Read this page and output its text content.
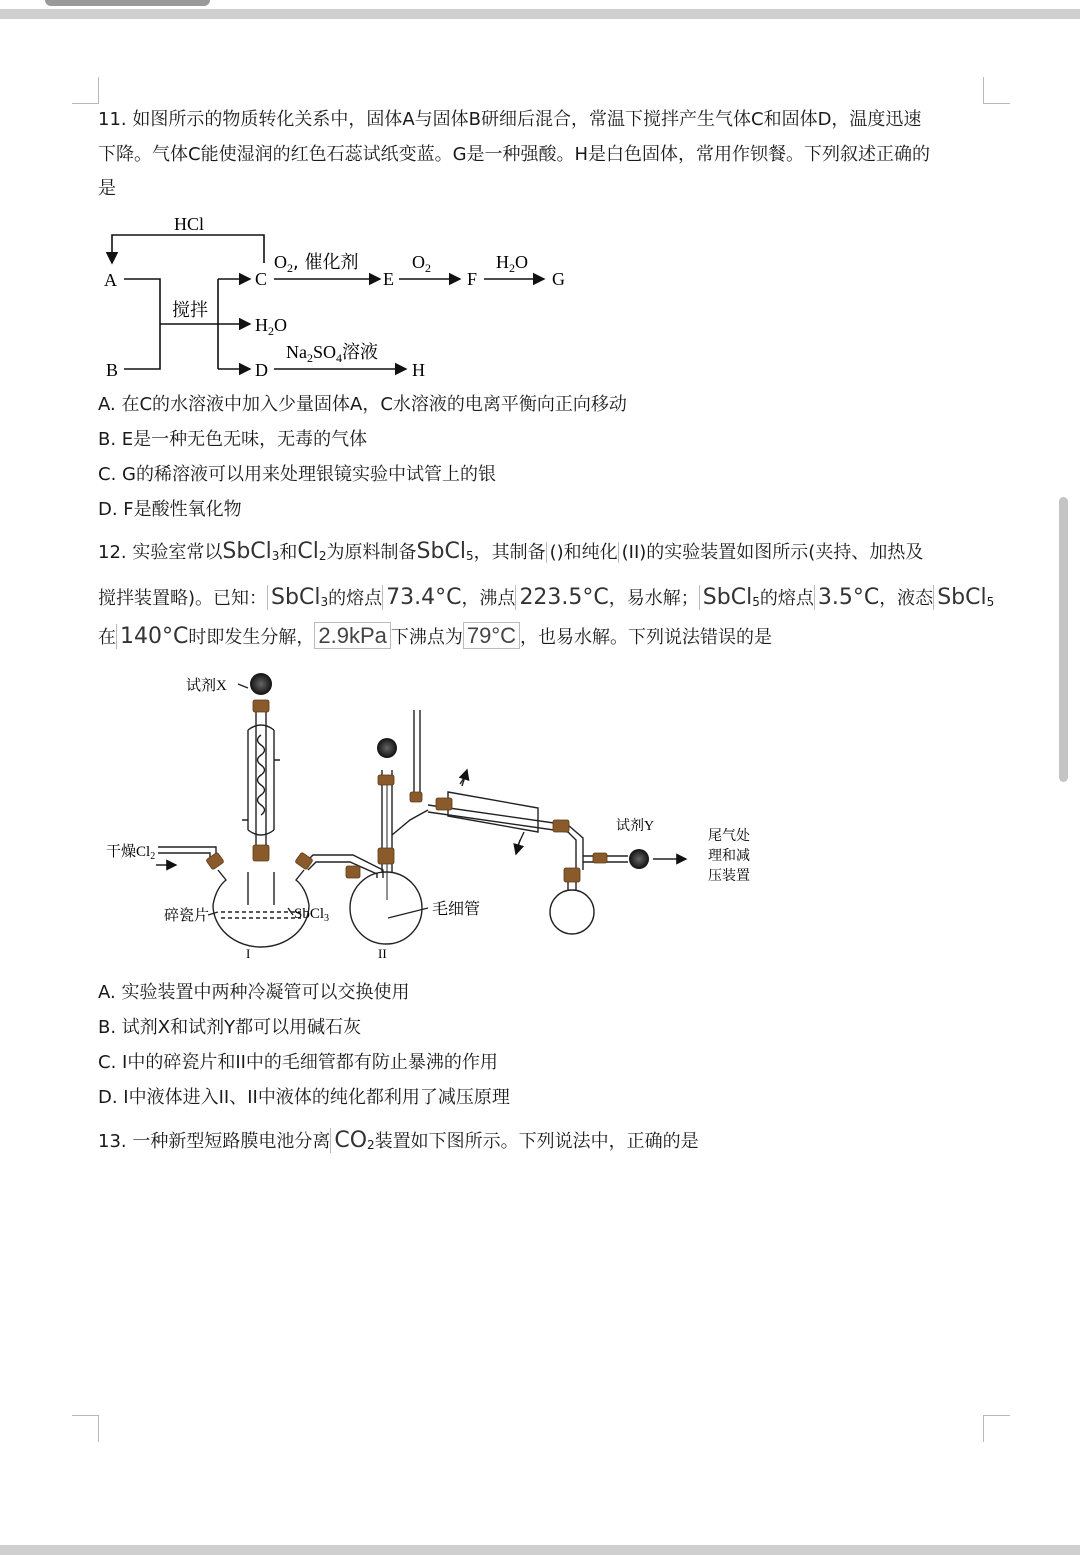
11. 如图所示的物质转化关系中，固体A与固体B研细后混合，常温下搅拌产生气体C和固体D，温度迅速
下降。气体C能使湿润的红色石蕊试纸变蓝。G是一种强酸。H是白色固体，常用作钡餐。下列叙述正确的
是
HCl
A
B
搅拌
C
$H_2O$
D
$O_2$, 催化剂
E
$O_2$
F
$H_2O$
G
$Na_2SO_4$溶液
H
A. 在C的水溶液中加入少量固体A，C水溶液的电离平衡向正向移动
B. E是一种无色无味，无毒的气体
C. G的稀溶液可以用来处理银镜实验中试管上的银
D. F是酸性氧化物
12. 实验室常以SbCl3和Cl2为原料制备SbCl5，其制备 ()和纯化 (II)的实验装置如图所示(夹持、加热及
搅拌装置略)。已知： SbCl3的熔点 73.4°C，沸点 223.5°C，易水解； SbCl5的熔点 3.5°C，液态 SbCl5
在 140°C时即发生分解， 2.9kPa 下沸点为 79°C ，也易水解。下列说法错误的是
试剂X
干燥$Cl_2$
碎瓷片	SbCl$_3$
毛细管
试剂Y
尾气处
理和减
压装置
I	II
A. 实验装置中两种冷凝管可以交换使用
B. 试剂X和试剂Y都可以用碱石灰
C. I中的碎瓷片和II中的毛细管都有防止暴沸的作用
D. I中液体进入II、II中液体的纯化都利用了减压原理
13. 一种新型短路膜电池分离 CO2装置如下图所示。下列说法中，正确的是
